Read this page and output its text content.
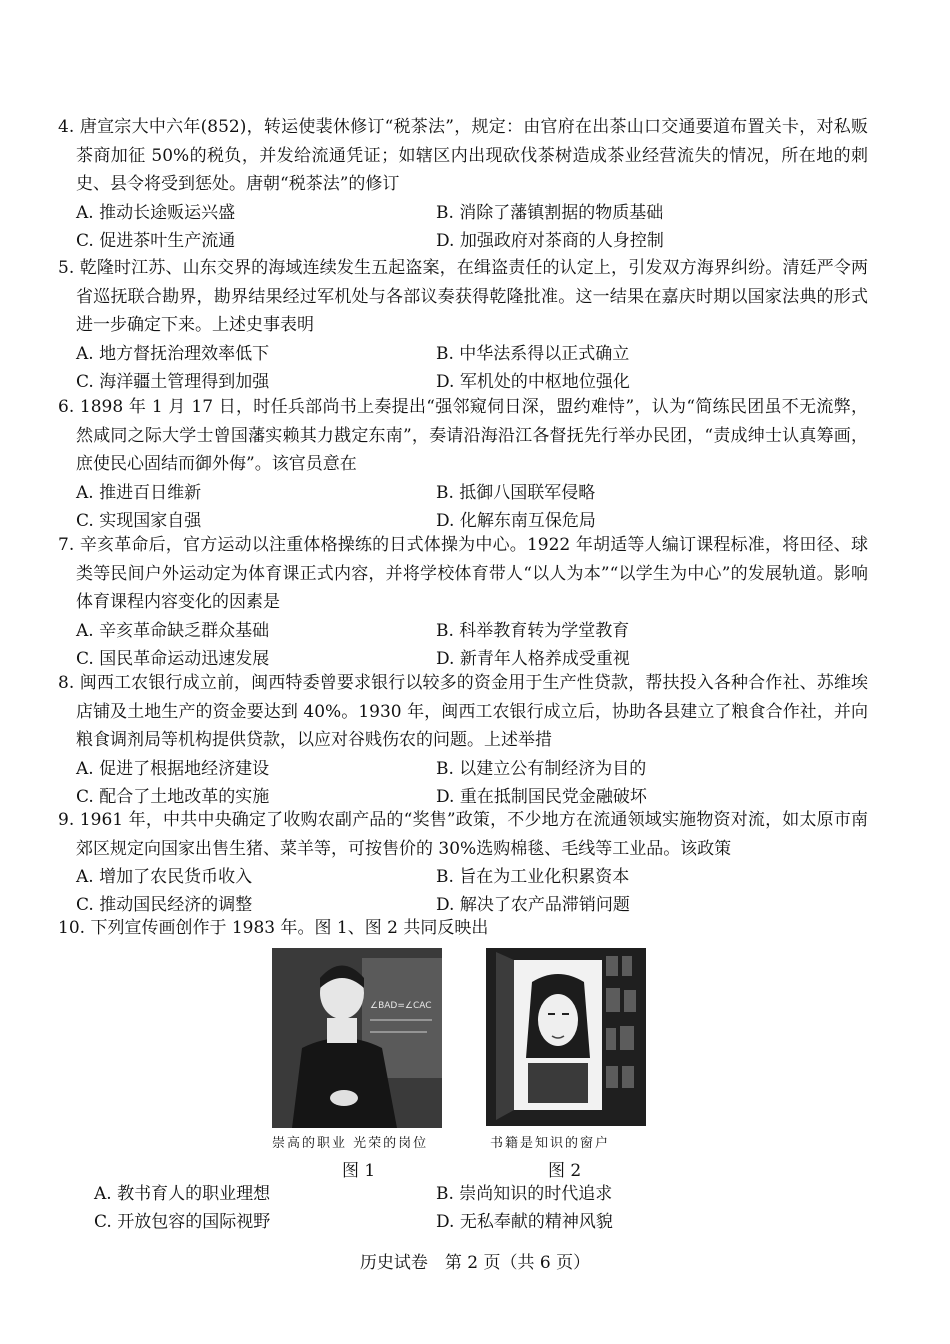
4. 唐宣宗大中六年(852)，转运使裴休修订“税茶法”，规定：由官府在出茶山口交通要道布置关卡，对私贩茶商加征 50%的税负，并发给流通凭证；如辖区内出现砍伐茶树造成茶业经营流失的情况，所在地的刺史、县令将受到惩处。唐朝“税茶法”的修订

A. 推动长途贩运兴盛	B. 消除了藩镇割据的物质基础
C. 促进茶叶生产流通	D. 加强政府对茶商的人身控制

5. 乾隆时江苏、山东交界的海域连续发生五起盗案，在缉盗责任的认定上，引发双方海界纠纷。清廷严令两省巡抚联合勘界，勘界结果经过军机处与各部议奏获得乾隆批准。这一结果在嘉庆时期以国家法典的形式进一步确定下来。上述史事表明

A. 地方督抚治理效率低下	B. 中华法系得以正式确立
C. 海洋疆土管理得到加强	D. 军机处的中枢地位强化

6. 1898 年 1 月 17 日，时任兵部尚书上奏提出“强邻窥伺日深，盟约难恃”，认为“简练民团虽不无流弊，然咸同之际大学士曾国藩实赖其力戡定东南”，奏请沿海沿江各督抚先行举办民团，“责成绅士认真筹画，庶使民心固结而御外侮”。该官员意在

A. 推进百日维新	B. 抵御八国联军侵略
C. 实现国家自强	D. 化解东南互保危局

7. 辛亥革命后，官方运动以注重体格操练的日式体操为中心。1922 年胡适等人编订课程标准，将田径、球类等民间户外运动定为体育课正式内容，并将学校体育带人“以人为本”“以学生为中心”的发展轨道。影响体育课程内容变化的因素是

A. 辛亥革命缺乏群众基础	B. 科举教育转为学堂教育
C. 国民革命运动迅速发展	D. 新青年人格养成受重视

8. 闽西工农银行成立前，闽西特委曾要求银行以较多的资金用于生产性贷款，帮扶投入各种合作社、苏维埃店铺及土地生产的资金要达到 40%。1930 年，闽西工农银行成立后，协助各县建立了粮食合作社，并向粮食调剂局等机构提供贷款，以应对谷贱伤农的问题。上述举措

A. 促进了根据地经济建设	B. 以建立公有制经济为目的
C. 配合了土地改革的实施	D. 重在抵制国民党金融破坏

9. 1961 年，中共中央确定了收购农副产品的“奖售”政策，不少地方在流通领域实施物资对流，如太原市南郊区规定向国家出售生猪、菜羊等，可按售价的 30%选购棉毯、毛线等工业品。该政策

A. 增加了农民货币收入	B. 旨在为工业化积累资本
C. 推动国民经济的调整	D. 解决了农产品滞销问题

10. 下列宣传画创作于 1983 年。图 1、图 2 共同反映出

∠BAD=∠CAC
崇高的职业 光荣的岗位
图 1
书籍是知识的窗户
图 2
A. 教书育人的职业理想	B. 崇尚知识的时代追求
C. 开放包容的国际视野	D. 无私奉献的精神风貌
历史试卷　第 2 页（共 6 页）
